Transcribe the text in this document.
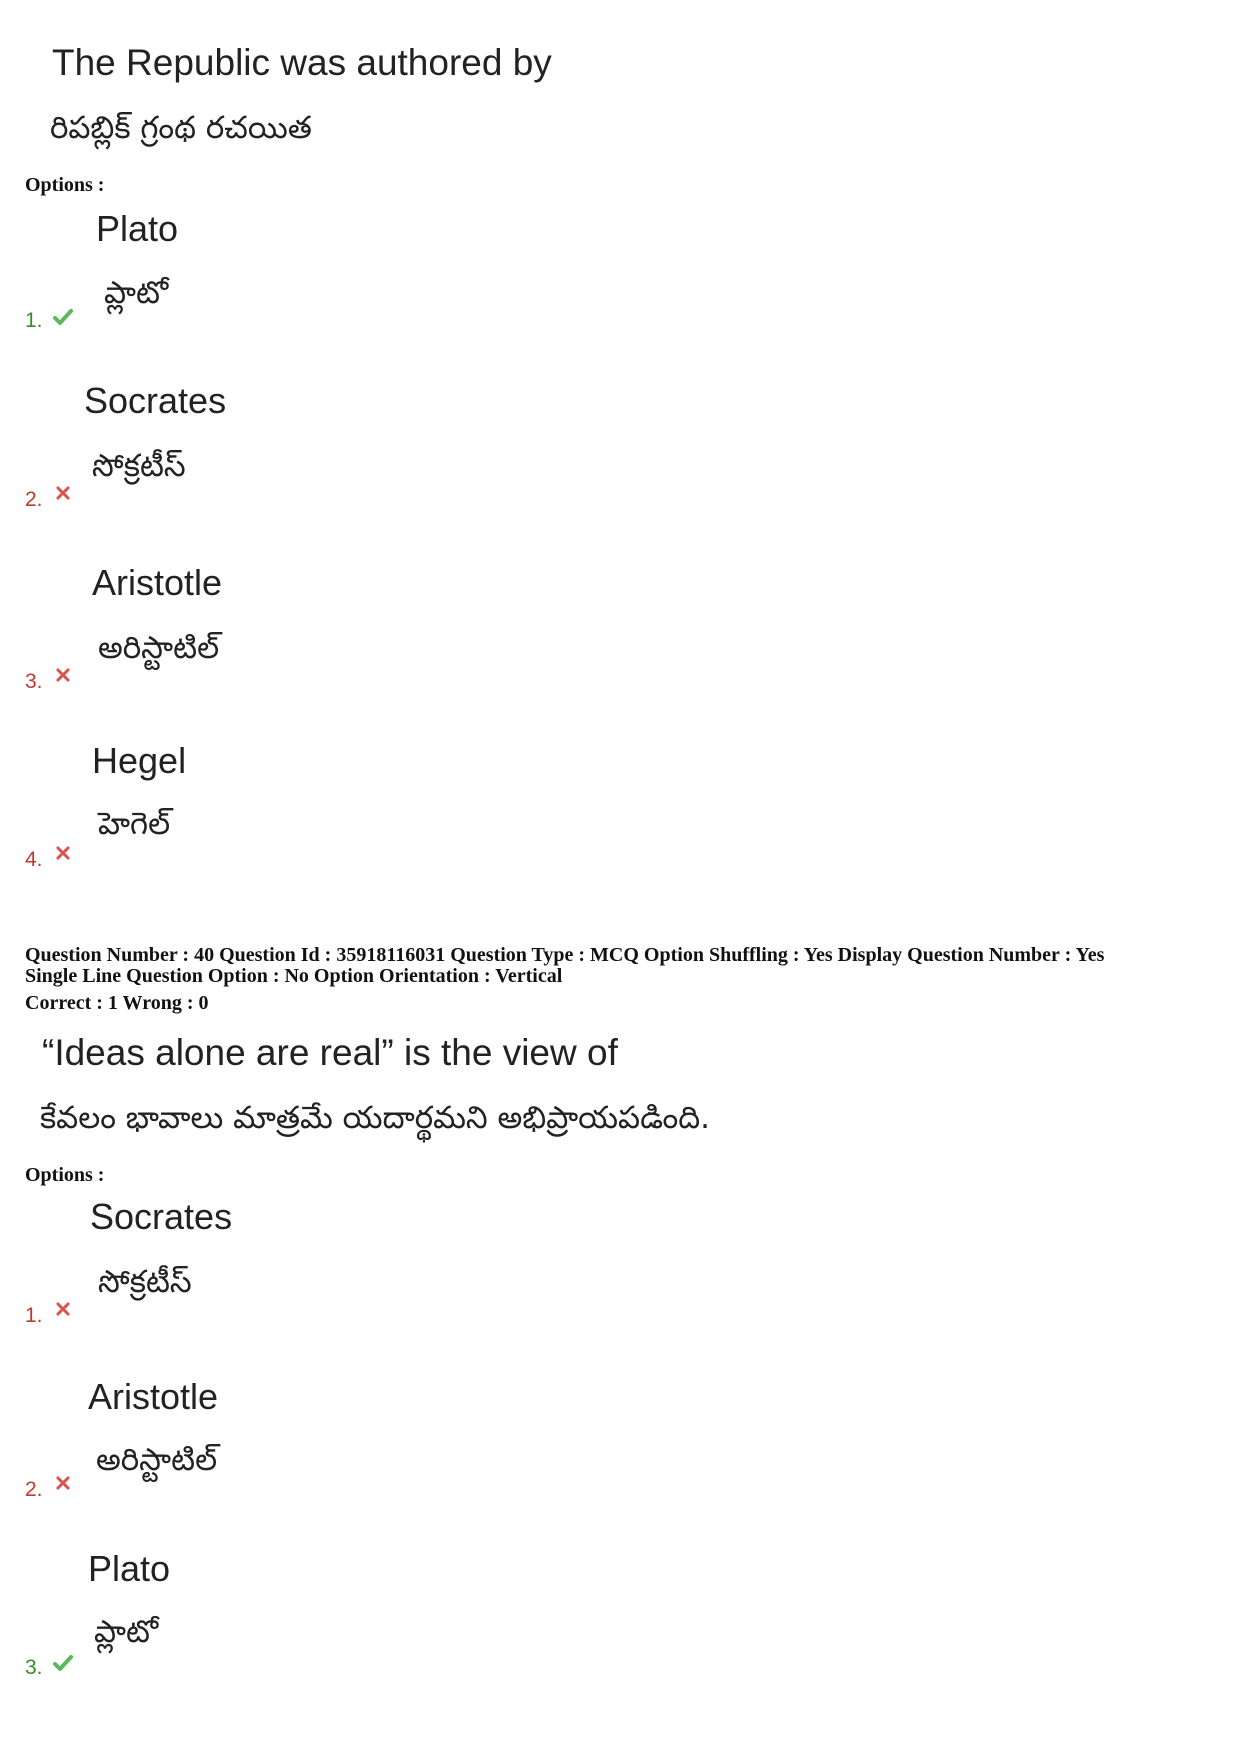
The Republic was authored by
రిపబ్లిక్ గ్రంథ రచయిత
Options :
Plato
ప్లాటో
1.
Socrates
సోక్రటీస్
2.
Aristotle
అరిస్టాటిల్
3.
Hegel
హెగెల్
4.
Question Number : 40 Question Id : 35918116031 Question Type : MCQ Option Shuffling : Yes Display Question Number : Yes
Single Line Question Option : No Option Orientation : Vertical
Correct : 1 Wrong : 0
“Ideas alone are real” is the view of
కేవలం భావాలు మాత్రమే యదార్థమని అభిప్రాయపడింది.
Options :
Socrates
సోక్రటీస్
1.
Aristotle
అరిస్టాటిల్
2.
Plato
ప్లాటో
3.
